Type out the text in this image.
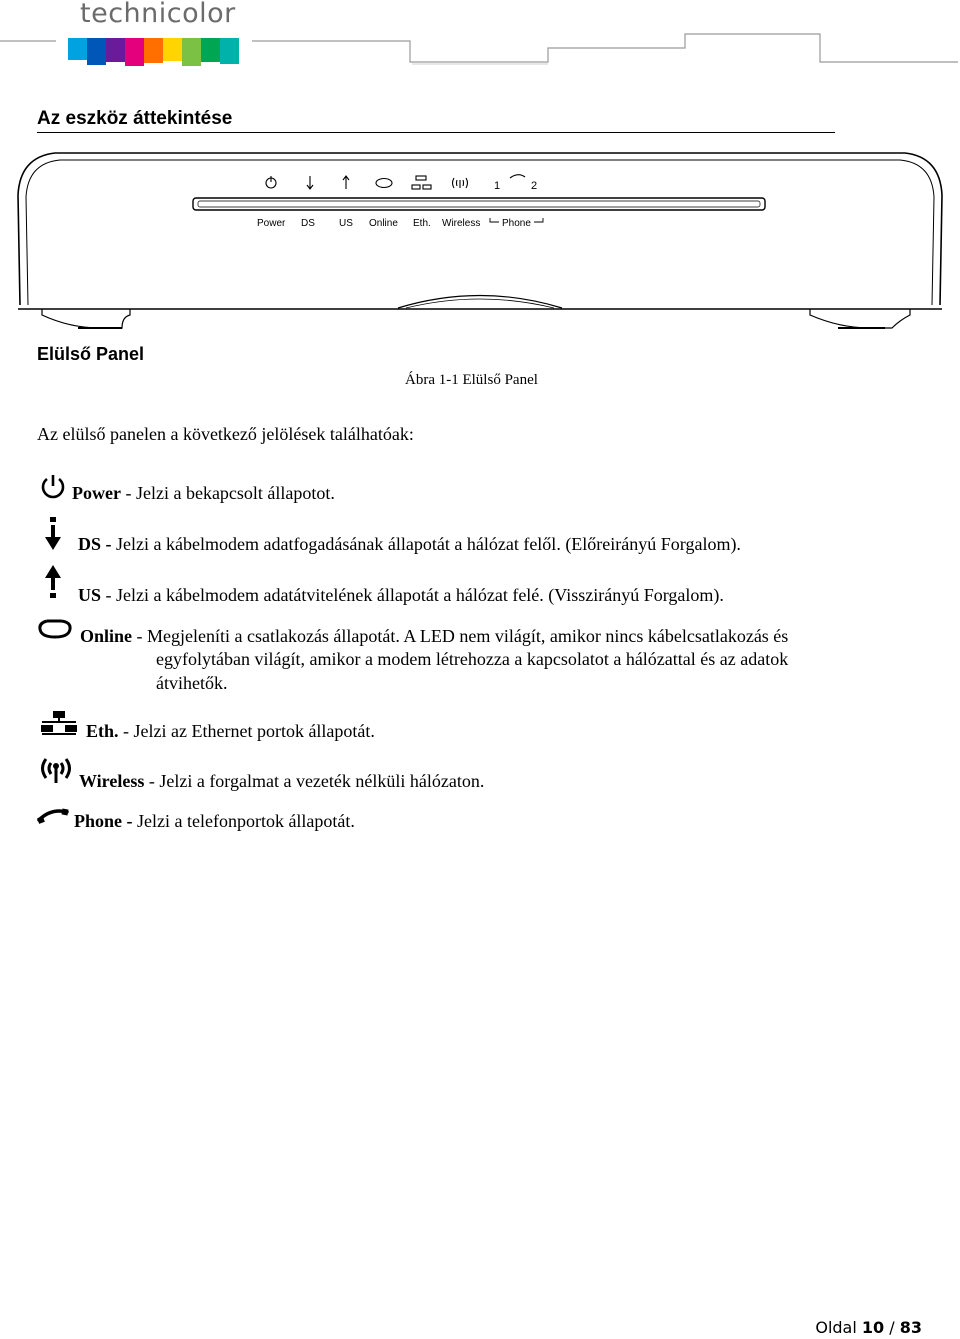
technicolor
Az eszköz áttekintése
1	2
Power DS US Online Eth. Wireless Phone
Elülső Panel
Ábra 1-1 Elülső Panel
Az elülső panelen a következő jelölések találhatóak:
Power - Jelzi a bekapcsolt állapotot.
DS - Jelzi a kábelmodem adatfogadásának állapotát a hálózat felől. (Előreirányú Forgalom).
US - Jelzi a kábelmodem adatátvitelének állapotát a hálózat felé. (Visszirányú Forgalom).
Online - Megjeleníti a csatlakozás állapotát. A LED nem világít, amikor nincs kábelcsatlakozás és
egyfolytában világít, amikor a modem létrehozza a kapcsolatot a hálózattal és az adatok
átvihetők.
Eth. - Jelzi az Ethernet portok állapotát.
Wireless - Jelzi a forgalmat a vezeték nélküli hálózaton.
Phone - Jelzi a telefonportok állapotát.
Oldal 10 / 83
